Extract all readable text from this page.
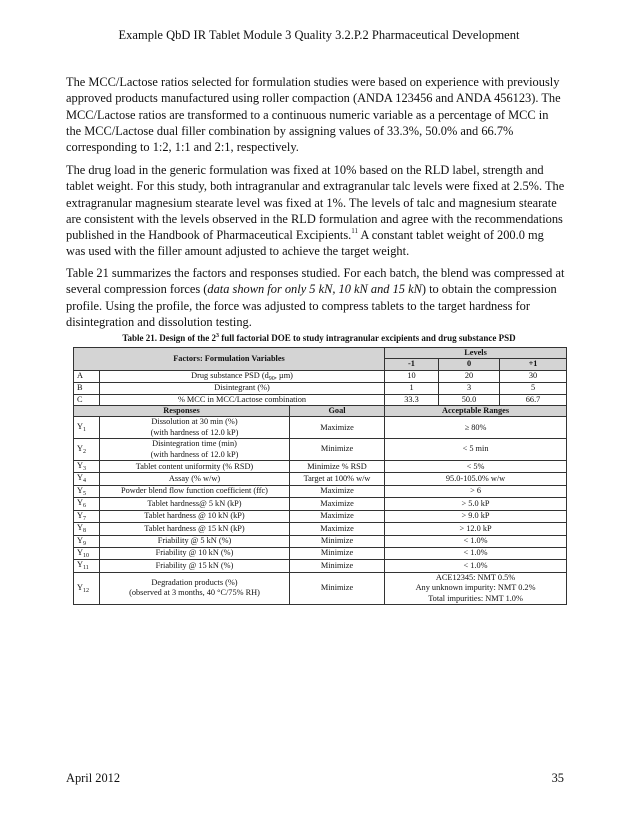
Example QbD IR Tablet Module 3 Quality 3.2.P.2 Pharmaceutical Development

The MCC/Lactose ratios selected for formulation studies were based on experience with previously approved products manufactured using roller compaction (ANDA 123456 and ANDA 456123). The MCC/Lactose ratios are transformed to a continuous numeric variable as a percentage of MCC in the MCC/Lactose dual filler combination by assigning values of 33.3%, 50.0% and 66.7% corresponding to 1:2, 1:1 and 2:1, respectively.

The drug load in the generic formulation was fixed at 10% based on the RLD label, strength and tablet weight. For this study, both intragranular and extragranular talc levels were fixed at 2.5%. The extragranular magnesium stearate level was fixed at 1%. The levels of talc and magnesium stearate are consistent with the levels observed in the RLD formulation and agree with the recommendations published in the Handbook of Pharmaceutical Excipients.$^{11}$ A constant tablet weight of 200.0 mg was used with the filler amount adjusted to achieve the target weight.

Table 21 summarizes the factors and responses studied. For each batch, the blend was compressed at several compression forces (data shown for only 5 kN, 10 kN and 15 kN) to obtain the compression profile. Using the profile, the force was adjusted to compress tablets to the target hardness for disintegration and dissolution testing.

Table 21. Design of the $2^3$ full factorial DOE to study intragranular excipients and drug substance PSD
Factors: Formulation Variables			Levels		
			-1	0	+1
A	Drug substance PSD ($d_{90}$, µm)		10	20	30
B	Disintegrant (%)		1	3	5
C	% MCC in MCC/Lactose combination		33.3	50.0	66.7
Responses		Goal	Acceptable Ranges		
$Y_1$	Dissolution at 30 min (%)
(with hardness of 12.0 kP)	Maximize	≥ 80%		
$Y_2$	Disintegration time (min)
(with hardness of 12.0 kP)	Minimize	< 5 min		
$Y_3$	Tablet content uniformity (% RSD)	Minimize % RSD	< 5%		
$Y_4$	Assay (% w/w)	Target at 100% w/w	95.0-105.0% w/w		
$Y_5$	Powder blend flow function coefficient (ffc)	Maximize	> 6		
$Y_6$	Tablet hardness@ 5 kN (kP)	Maximize	> 5.0 kP		
$Y_7$	Tablet hardness @ 10 kN (kP)	Maximize	> 9.0 kP		
$Y_8$	Tablet hardness @ 15 kN (kP)	Maximize	> 12.0 kP		
$Y_9$	Friability @ 5 kN (%)	Minimize	< 1.0%		
$Y_{10}$	Friability @ 10 kN (%)	Minimize	< 1.0%		
$Y_{11}$	Friability @ 15 kN (%)	Minimize	< 1.0%		
$Y_{12}$	Degradation products (%)
(observed at 3 months, 40 °C/75% RH)	Minimize	ACE12345: NMT 0.5%
Any unknown impurity: NMT 0.2%
Total impurities: NMT 1.0%		
April 2012	35
